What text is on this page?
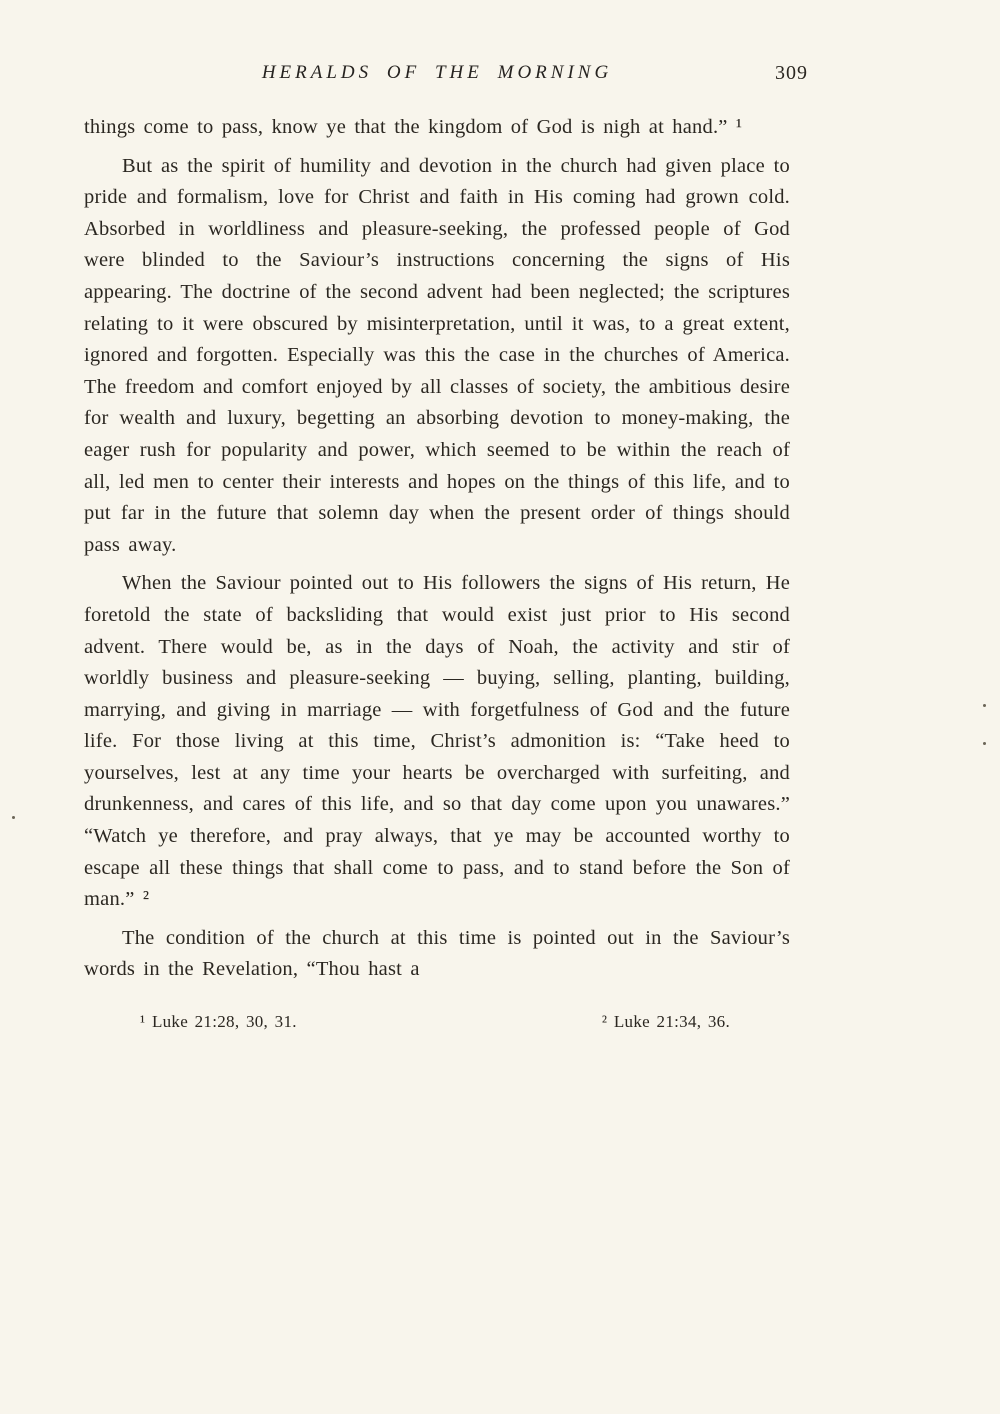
HERALDS OF THE MORNING	309

things come to pass, know ye that the kingdom of God is nigh at hand.” ¹

But as the spirit of humility and devotion in the church had given place to pride and formalism, love for Christ and faith in His coming had grown cold. Absorbed in worldliness and pleasure-seeking, the professed people of God were blinded to the Saviour’s instructions concerning the signs of His appearing. The doctrine of the second advent had been neglected; the scriptures relating to it were obscured by misinterpretation, until it was, to a great extent, ignored and forgotten. Especially was this the case in the churches of America. The freedom and comfort enjoyed by all classes of society, the ambitious desire for wealth and luxury, begetting an absorbing devotion to money-making, the eager rush for popularity and power, which seemed to be within the reach of all, led men to center their interests and hopes on the things of this life, and to put far in the future that solemn day when the present order of things should pass away.

When the Saviour pointed out to His followers the signs of His return, He foretold the state of backsliding that would exist just prior to His second advent. There would be, as in the days of Noah, the activity and stir of worldly business and pleasure-seeking — buying, selling, planting, building, marrying, and giving in marriage — with forgetfulness of God and the future life. For those living at this time, Christ’s admonition is: “Take heed to yourselves, lest at any time your hearts be overcharged with surfeiting, and drunkenness, and cares of this life, and so that day come upon you unawares.” “Watch ye therefore, and pray always, that ye may be accounted worthy to escape all these things that shall come to pass, and to stand before the Son of man.” ²

The condition of the church at this time is pointed out in the Saviour’s words in the Revelation, “Thou hast a

¹ Luke 21:28, 30, 31.	² Luke 21:34, 36.
